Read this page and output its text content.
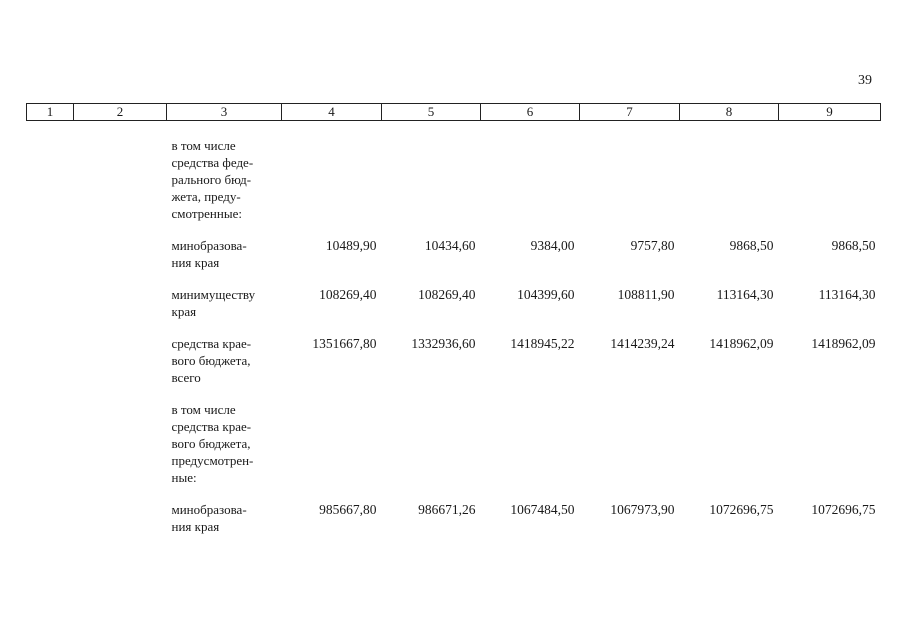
39
1	2	3	4	5	6	7	8	9

		в том числе
средства феде-
рального бюд-
жета, преду-
смотренные:						

		минобразова-
ния края	10489,90	10434,60	9384,00	9757,80	9868,50	9868,50

		минимуществу
края	108269,40	108269,40	104399,60	108811,90	113164,30	113164,30

		средства крае-
вого бюджета,
всего	1351667,80	1332936,60	1418945,22	1414239,24	1418962,09	1418962,09

		в том числе
средства крае-
вого бюджета,
предусмотрен-
ные:						

		минобразова-
ния края	985667,80	986671,26	1067484,50	1067973,90	1072696,75	1072696,75
